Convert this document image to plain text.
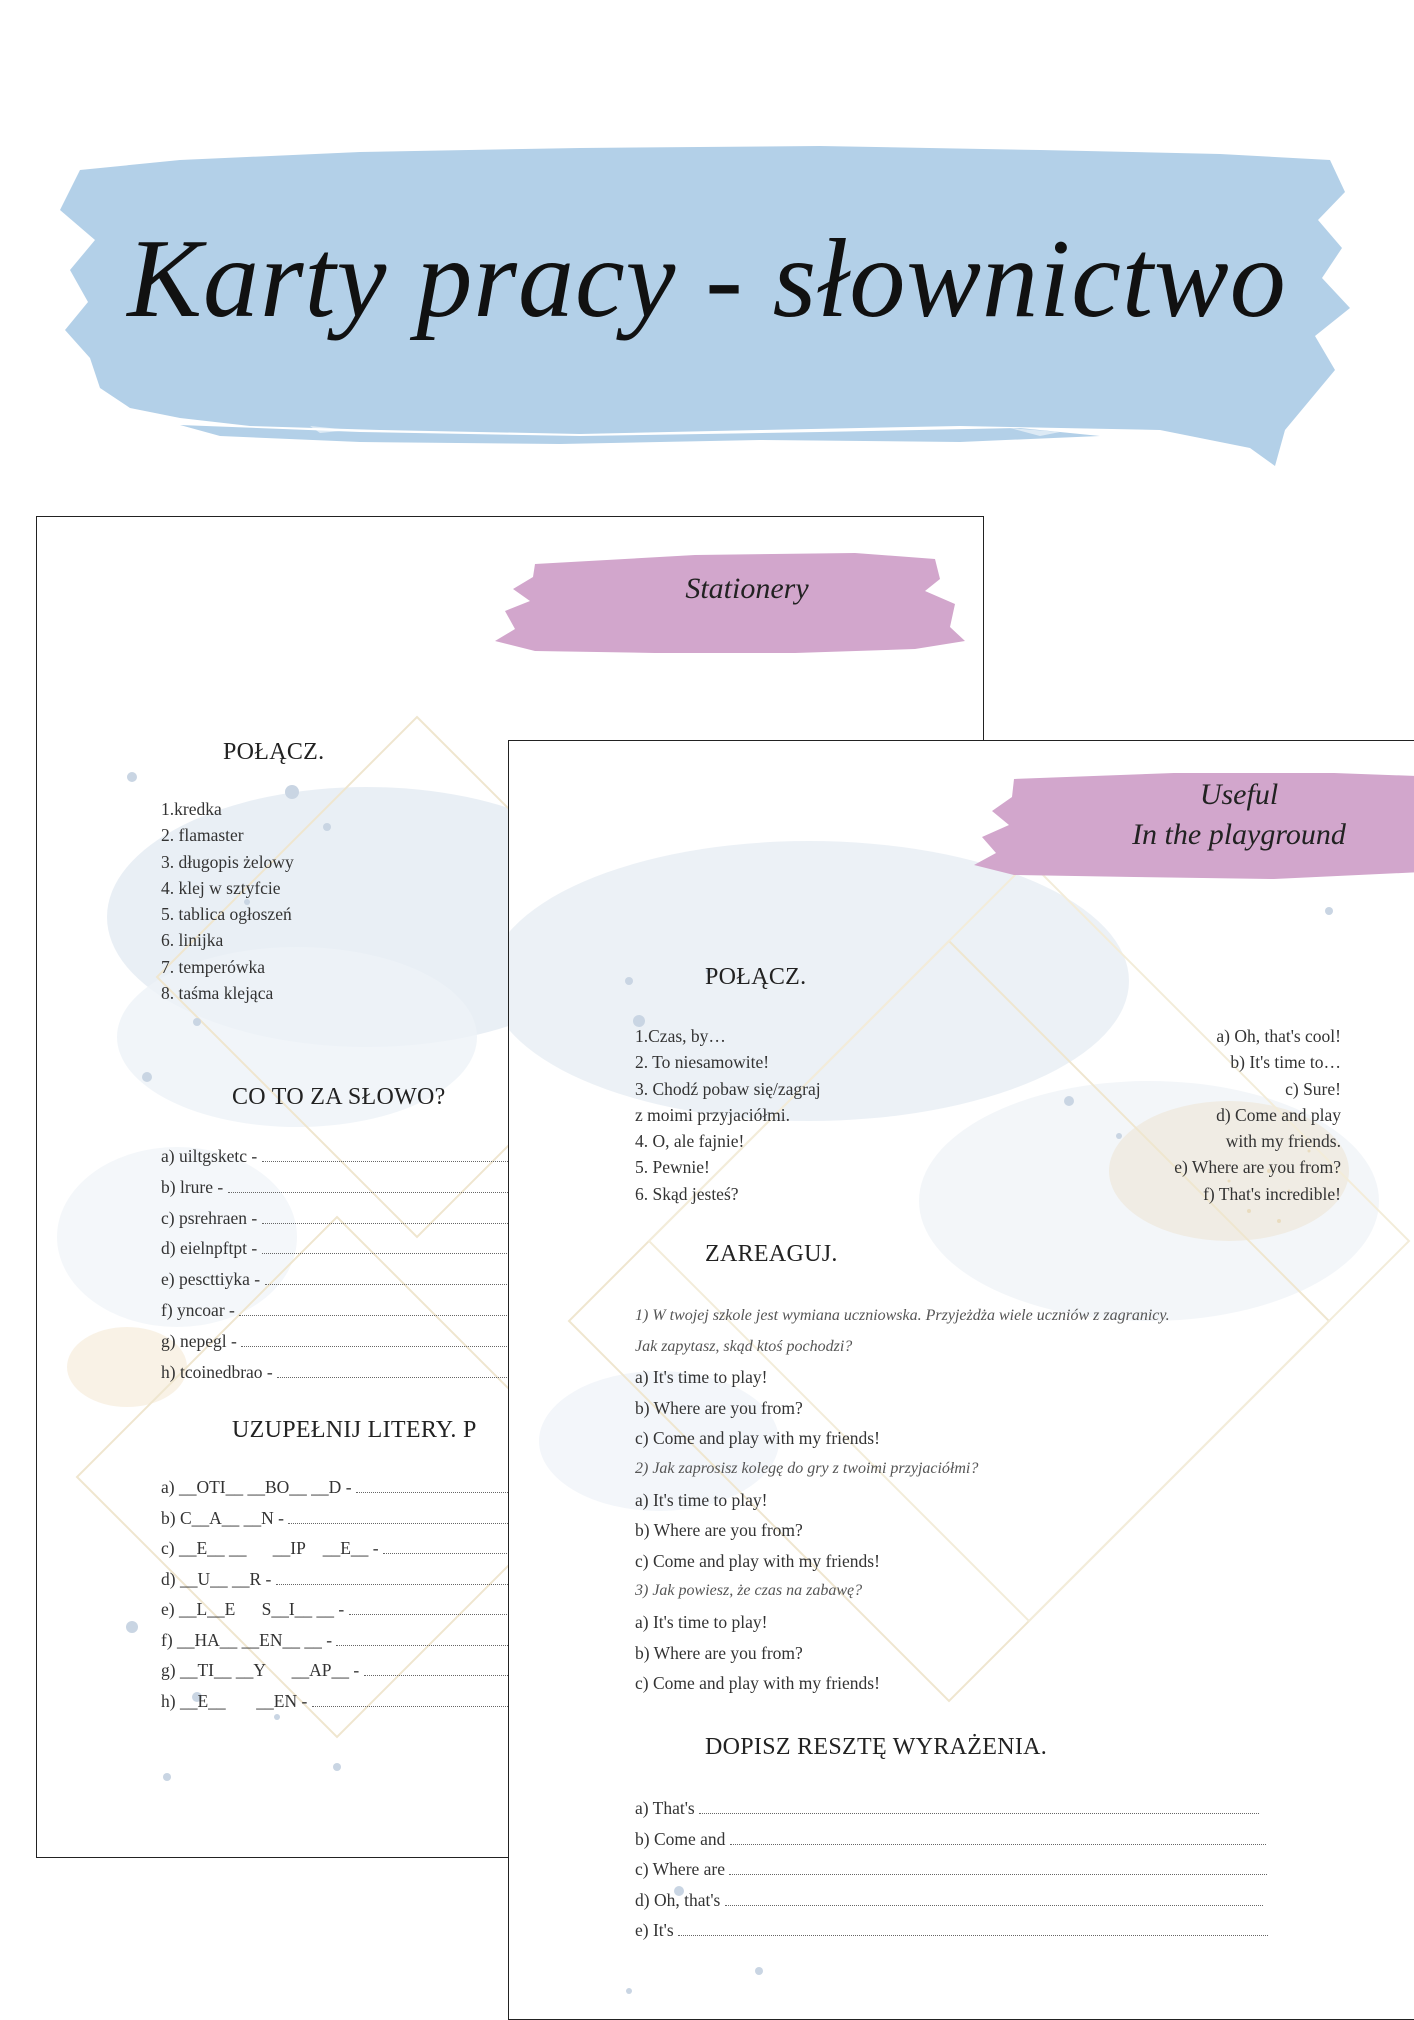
Karty pracy - słownictwo
Stationery
POŁĄCZ.
1.kredka
2. flamaster
3. długopis żelowy
4. klej w sztyfcie
5. tablica ogłoszeń
6. linijka
7. temperówka
8. taśma klejąca
CO TO ZA SŁOWO?
a) uiltgsketc -
b) lrure -
c) psrehraen -
d) eielnpftpt -
e) pescttiyka -
f) yncoar -
g) nepegl -
h) tcoinedbrao -
UZUPEŁNIJ LITERY. P
a) __OTI__ __BO__ __D -
b) C__A__ __N -
c) __E__ __      __IP    __E__ -
d) __U__ __R -
e) __L__E      S__I__ __ -
f) __HA__ __EN__ __ -
g) __TI__ __Y      __AP__ -
h) __E__       __EN -
Useful
In the playground
POŁĄCZ.
1.Czas, by…
2. To niesamowite!
3. Chodź pobaw się/zagraj
z moimi przyjaciółmi.
4. O, ale fajnie!
5. Pewnie!
6. Skąd jesteś?
a) Oh, that's cool!
b) It's time to…
c) Sure!
d) Come and play
with my friends.
e) Where are you from?
f) That's incredible!
ZAREAGUJ.
1) W twojej szkole jest wymiana uczniowska. Przyjeżdża wiele uczniów z zagranicy.
Jak zapytasz, skąd ktoś pochodzi?
a) It's time to play!
b) Where are you from?
c) Come and play with my friends!
2) Jak zaprosisz kolegę do gry z twoimi przyjaciółmi?
a) It's time to play!
b) Where are you from?
c) Come and play with my friends!
3) Jak powiesz, że czas na zabawę?
a) It's time to play!
b) Where are you from?
c) Come and play with my friends!
DOPISZ RESZTĘ WYRAŻENIA.
a) That's
b) Come and
c) Where are
d) Oh, that's
e) It's
